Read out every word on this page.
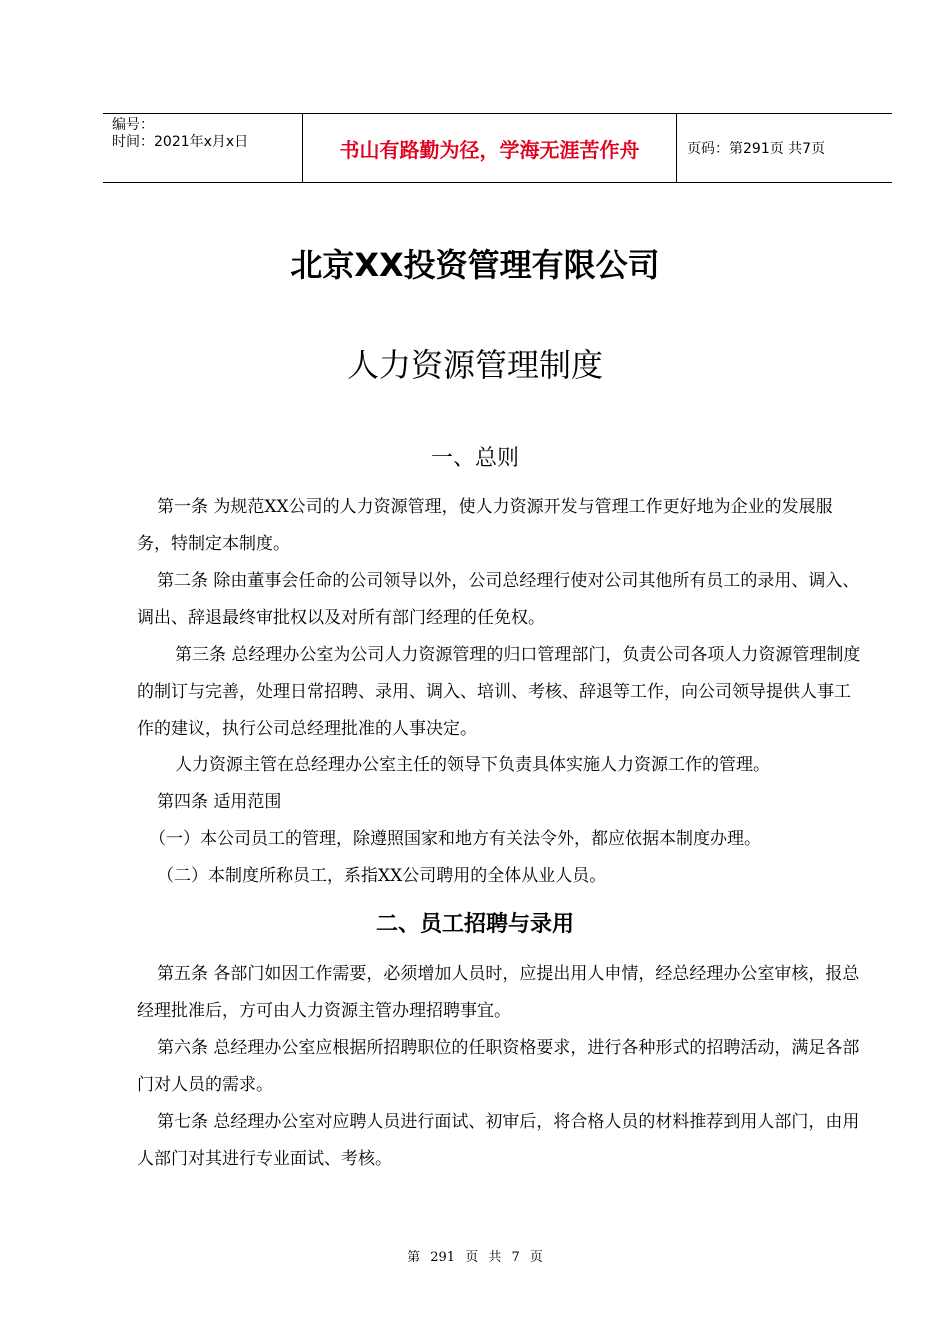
编号：
时间：2021年x月x日	书山有路勤为径，学海无涯苦作舟	页码：第291页 共7页
北京XX投资管理有限公司
人力资源管理制度
一、总则

第一条 为规范XX公司的人力资源管理，使人力资源开发与管理工作更好地为企业的发展服务，特制定本制度。

第二条 除由董事会任命的公司领导以外，公司总经理行使对公司其他所有员工的录用、调入、调出、辞退最终审批权以及对所有部门经理的任免权。

第三条 总经理办公室为公司人力资源管理的归口管理部门，负责公司各项人力资源管理制度的制订与完善，处理日常招聘、录用、调入、培训、考核、辞退等工作，向公司领导提供人事工作的建议，执行公司总经理批准的人事决定。

人力资源主管在总经理办公室主任的领导下负责具体实施人力资源工作的管理。

第四条 适用范围

（一）本公司员工的管理，除遵照国家和地方有关法令外，都应依据本制度办理。

（二）本制度所称员工，系指XX公司聘用的全体从业人员。

二、员工招聘与录用

第五条 各部门如因工作需要，必须增加人员时，应提出用人申情，经总经理办公室审核，报总经理批准后，方可由人力资源主管办理招聘事宜。

第六条 总经理办公室应根据所招聘职位的任职资格要求，进行各种形式的招聘活动，满足各部门对人员的需求。

第七条 总经理办公室对应聘人员进行面试、初审后，将合格人员的材料推荐到用人部门，由用人部门对其进行专业面试、考核。

第 291 页 共 7 页
